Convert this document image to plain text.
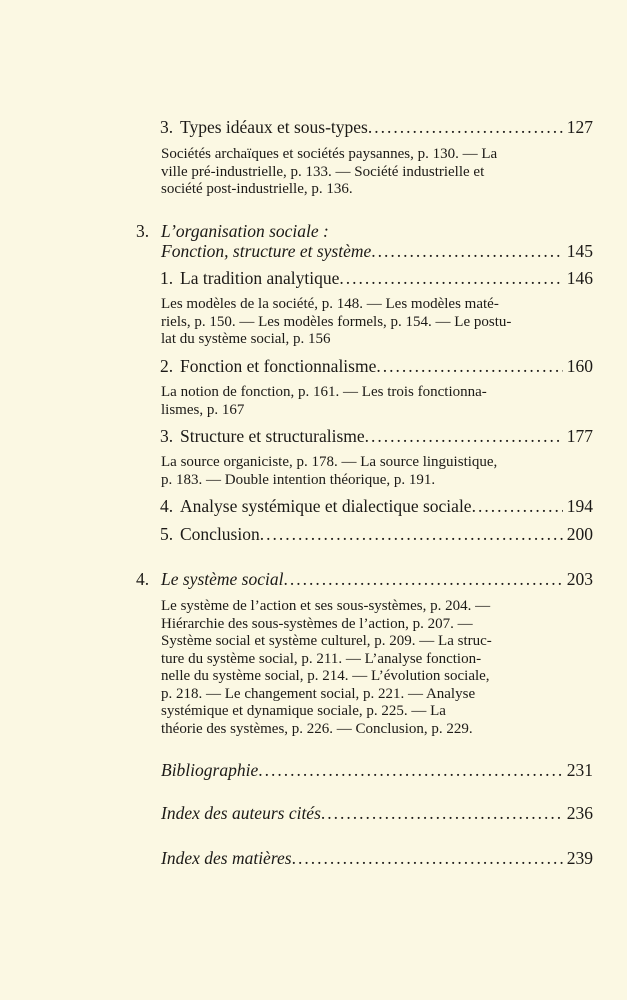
3. Types idéaux et sous-types .....	127
Sociétés archaïques et sociétés paysannes, p. 130. — La
ville pré-industrielle, p. 133. — Société industrielle et
société post-industrielle, p. 136.
3. L’organisation sociale :
Fonction, structure et système .....	145
1. La tradition analytique .....	146
Les modèles de la société, p. 148. — Les modèles maté-
riels, p. 150. — Les modèles formels, p. 154. — Le postu-
lat du système social, p. 156
2. Fonction et fonctionnalisme .....	160
La notion de fonction, p. 161. — Les trois fonctionna-
lismes, p. 167
3. Structure et structuralisme .....	177
La source organiciste, p. 178. — La source linguistique,
p. 183. — Double intention théorique, p. 191.
4. Analyse systémique et dialectique sociale .....	194
5. Conclusion .....	200
4. Le système social .....	203
Le système de l’action et ses sous-systèmes, p. 204. —
Hiérarchie des sous-systèmes de l’action, p. 207. —
Système social et système culturel, p. 209. — La struc-
ture du système social, p. 211. — L’analyse fonction-
nelle du système social, p. 214. — L’évolution sociale,
p. 218. — Le changement social, p. 221. — Analyse
systémique et dynamique sociale, p. 225. — La
théorie des systèmes, p. 226. — Conclusion, p. 229.
Bibliographie .....	231
Index des auteurs cités .....	236
Index des matières .....	239
